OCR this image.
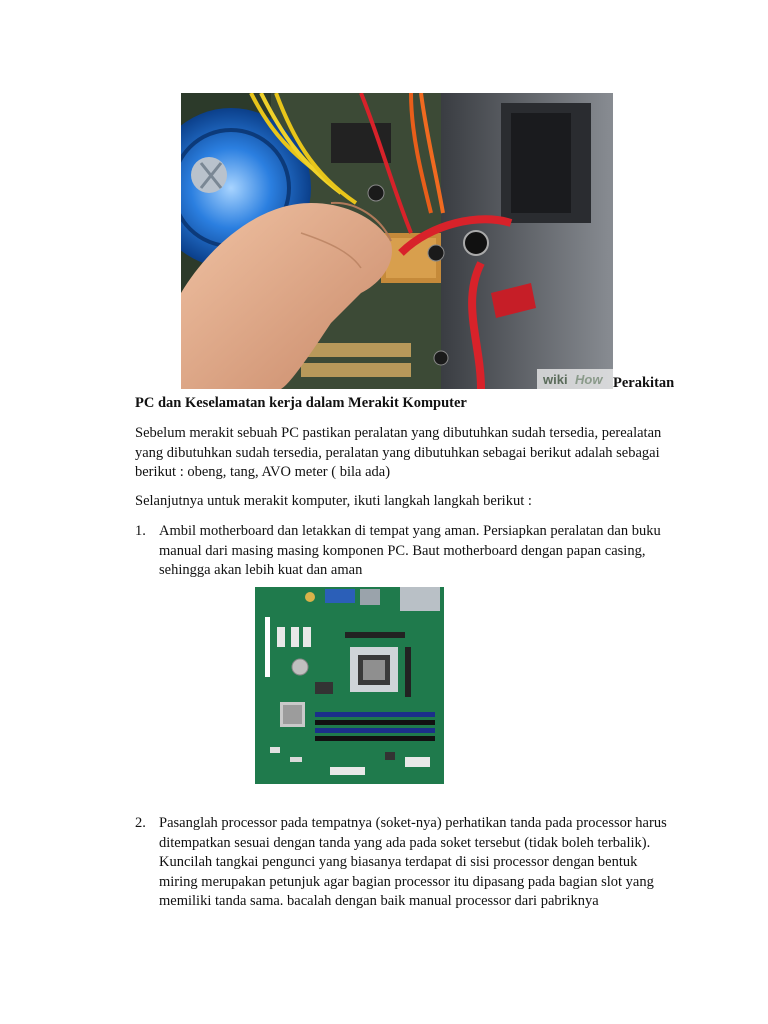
wiki How Perakitan
PC dan Keselamatan kerja dalam Merakit Komputer
Sebelum merakit sebuah PC pastikan peralatan yang dibutuhkan sudah tersedia, perealatan yang dibutuhkan sudah tersedia, peralatan yang dibutuhkan sebagai berikut adalah sebagai berikut : obeng, tang, AVO meter ( bila ada)
Selanjutnya untuk merakit komputer, ikuti langkah langkah berikut :
1. Ambil motherboard dan letakkan di tempat yang aman. Persiapkan peralatan dan buku manual dari masing masing komponen PC. Baut motherboard dengan papan casing, sehingga akan lebih kuat dan aman
2. Pasanglah processor pada tempatnya (soket-nya) perhatikan tanda pada processor harus ditempatkan sesuai dengan tanda yang ada pada soket tersebut (tidak boleh terbalik). Kuncilah tangkai pengunci yang biasanya terdapat di sisi processor dengan bentuk miring merupakan petunjuk agar bagian processor itu dipasang pada bagian slot yang memiliki tanda sama. bacalah dengan baik manual processor dari pabriknya
